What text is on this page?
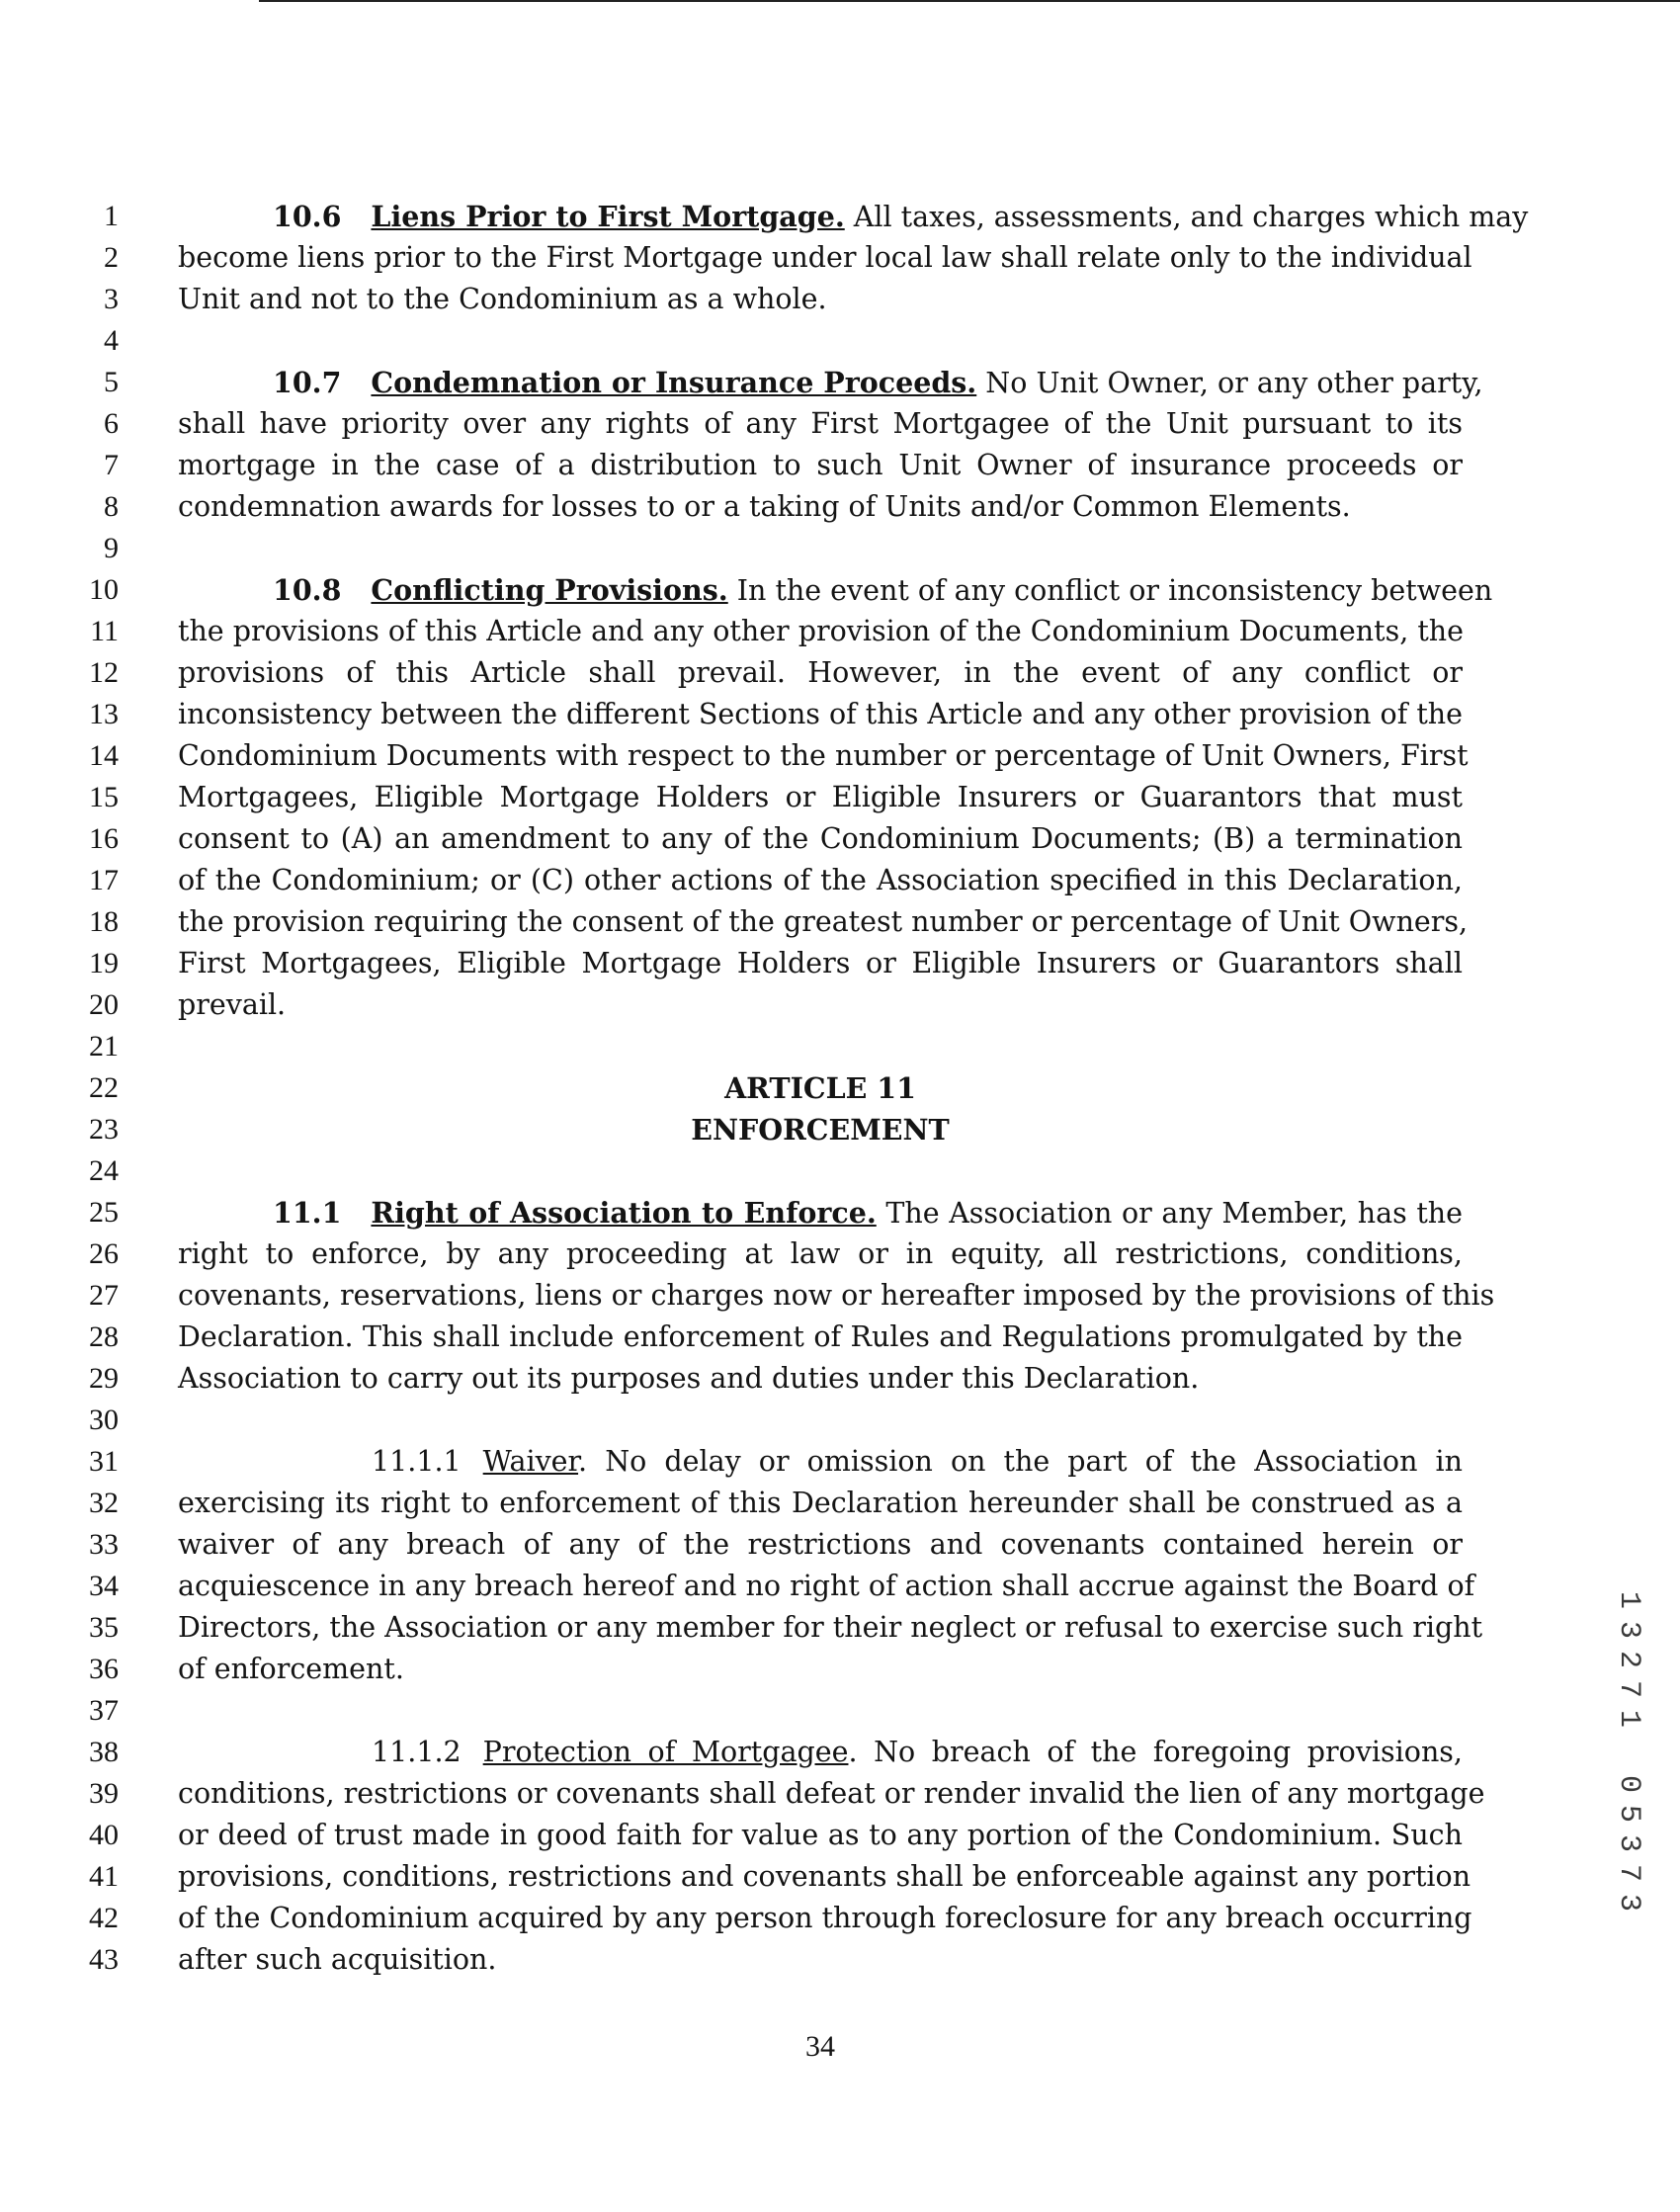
1
2
3
4
5
6
7
8
9
10
11
12
13
14
15
16
17
18
19
20
21
22
23
24
25
26
27
28
29
30
31
32
33
34
35
36
37
38
39
40
41
42
43
10.6 Liens Prior to First Mortgage. All taxes, assessments, and charges which may
become liens prior to the First Mortgage under local law shall relate only to the individual
Unit and not to the Condominium as a whole.
10.7 Condemnation or Insurance Proceeds. No Unit Owner, or any other party,
shall have priority over any rights of any First Mortgagee of the Unit pursuant to its
mortgage in the case of a distribution to such Unit Owner of insurance proceeds or
condemnation awards for losses to or a taking of Units and/or Common Elements.
10.8 Conflicting Provisions. In the event of any conflict or inconsistency between
the provisions of this Article and any other provision of the Condominium Documents, the
provisions of this Article shall prevail. However, in the event of any conflict or
inconsistency between the different Sections of this Article and any other provision of the
Condominium Documents with respect to the number or percentage of Unit Owners, First
Mortgagees, Eligible Mortgage Holders or Eligible Insurers or Guarantors that must
consent to (A) an amendment to any of the Condominium Documents; (B) a termination
of the Condominium; or (C) other actions of the Association specified in this Declaration,
the provision requiring the consent of the greatest number or percentage of Unit Owners,
First Mortgagees, Eligible Mortgage Holders or Eligible Insurers or Guarantors shall
prevail.
ARTICLE 11
ENFORCEMENT
11.1 Right of Association to Enforce. The Association or any Member, has the
right to enforce, by any proceeding at law or in equity, all restrictions, conditions,
covenants, reservations, liens or charges now or hereafter imposed by the provisions of this
Declaration. This shall include enforcement of Rules and Regulations promulgated by the
Association to carry out its purposes and duties under this Declaration.
11.1.1 Waiver. No delay or omission on the part of the Association in
exercising its right to enforcement of this Declaration hereunder shall be construed as a
waiver of any breach of any of the restrictions and covenants contained herein or
acquiescence in any breach hereof and no right of action shall accrue against the Board of
Directors, the Association or any member for their neglect or refusal to exercise such right
of enforcement.
11.1.2 Protection of Mortgagee. No breach of the foregoing provisions,
conditions, restrictions or covenants shall defeat or render invalid the lien of any mortgage
or deed of trust made in good faith for value as to any portion of the Condominium. Such
provisions, conditions, restrictions and covenants shall be enforceable against any portion
of the Condominium acquired by any person through foreclosure for any breach occurring
after such acquisition.
34
1
3
2
7
1
0
5
3
7
3
